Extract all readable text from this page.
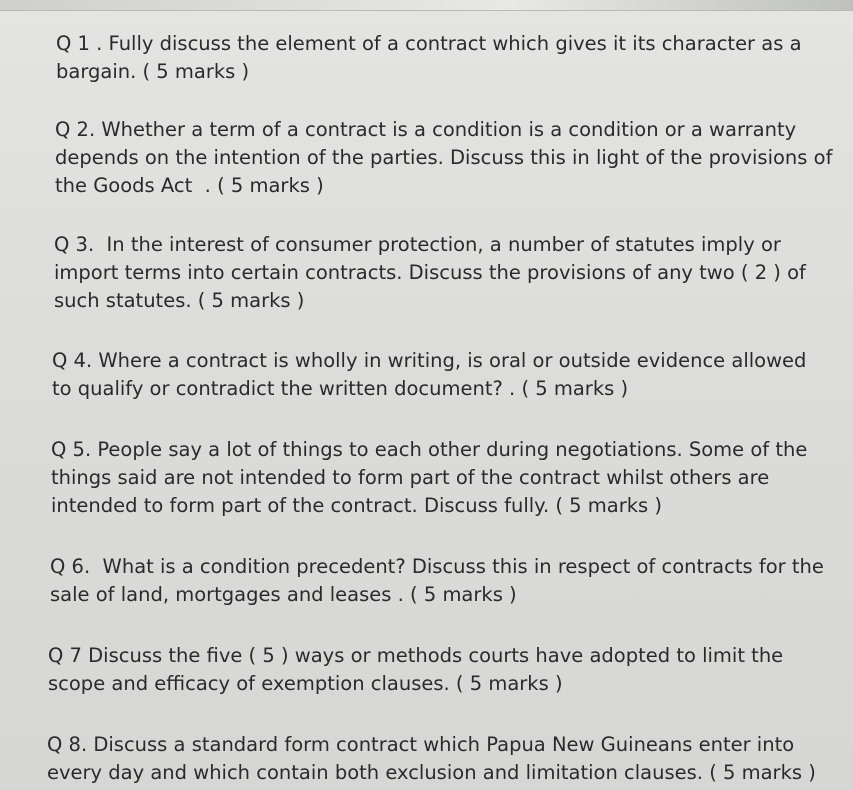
Q 1 . Fully discuss the element of a contract which gives it its character as a
bargain. ( 5 marks )
Q 2. Whether a term of a contract is a condition is a condition or a warranty
depends on the intention of the parties. Discuss this in light of the provisions of
the Goods Act  . ( 5 marks )
Q 3.  In the interest of consumer protection, a number of statutes imply or
import terms into certain contracts. Discuss the provisions of any two ( 2 ) of
such statutes. ( 5 marks )
Q 4. Where a contract is wholly in writing, is oral or outside evidence allowed
to qualify or contradict the written document? . ( 5 marks )
Q 5. People say a lot of things to each other during negotiations. Some of the
things said are not intended to form part of the contract whilst others are
intended to form part of the contract. Discuss fully. ( 5 marks )
Q 6.  What is a condition precedent? Discuss this in respect of contracts for the
sale of land, mortgages and leases . ( 5 marks )
Q 7 Discuss the five ( 5 ) ways or methods courts have adopted to limit the
scope and efficacy of exemption clauses. ( 5 marks )
Q 8. Discuss a standard form contract which Papua New Guineans enter into
every day and which contain both exclusion and limitation clauses. ( 5 marks )
